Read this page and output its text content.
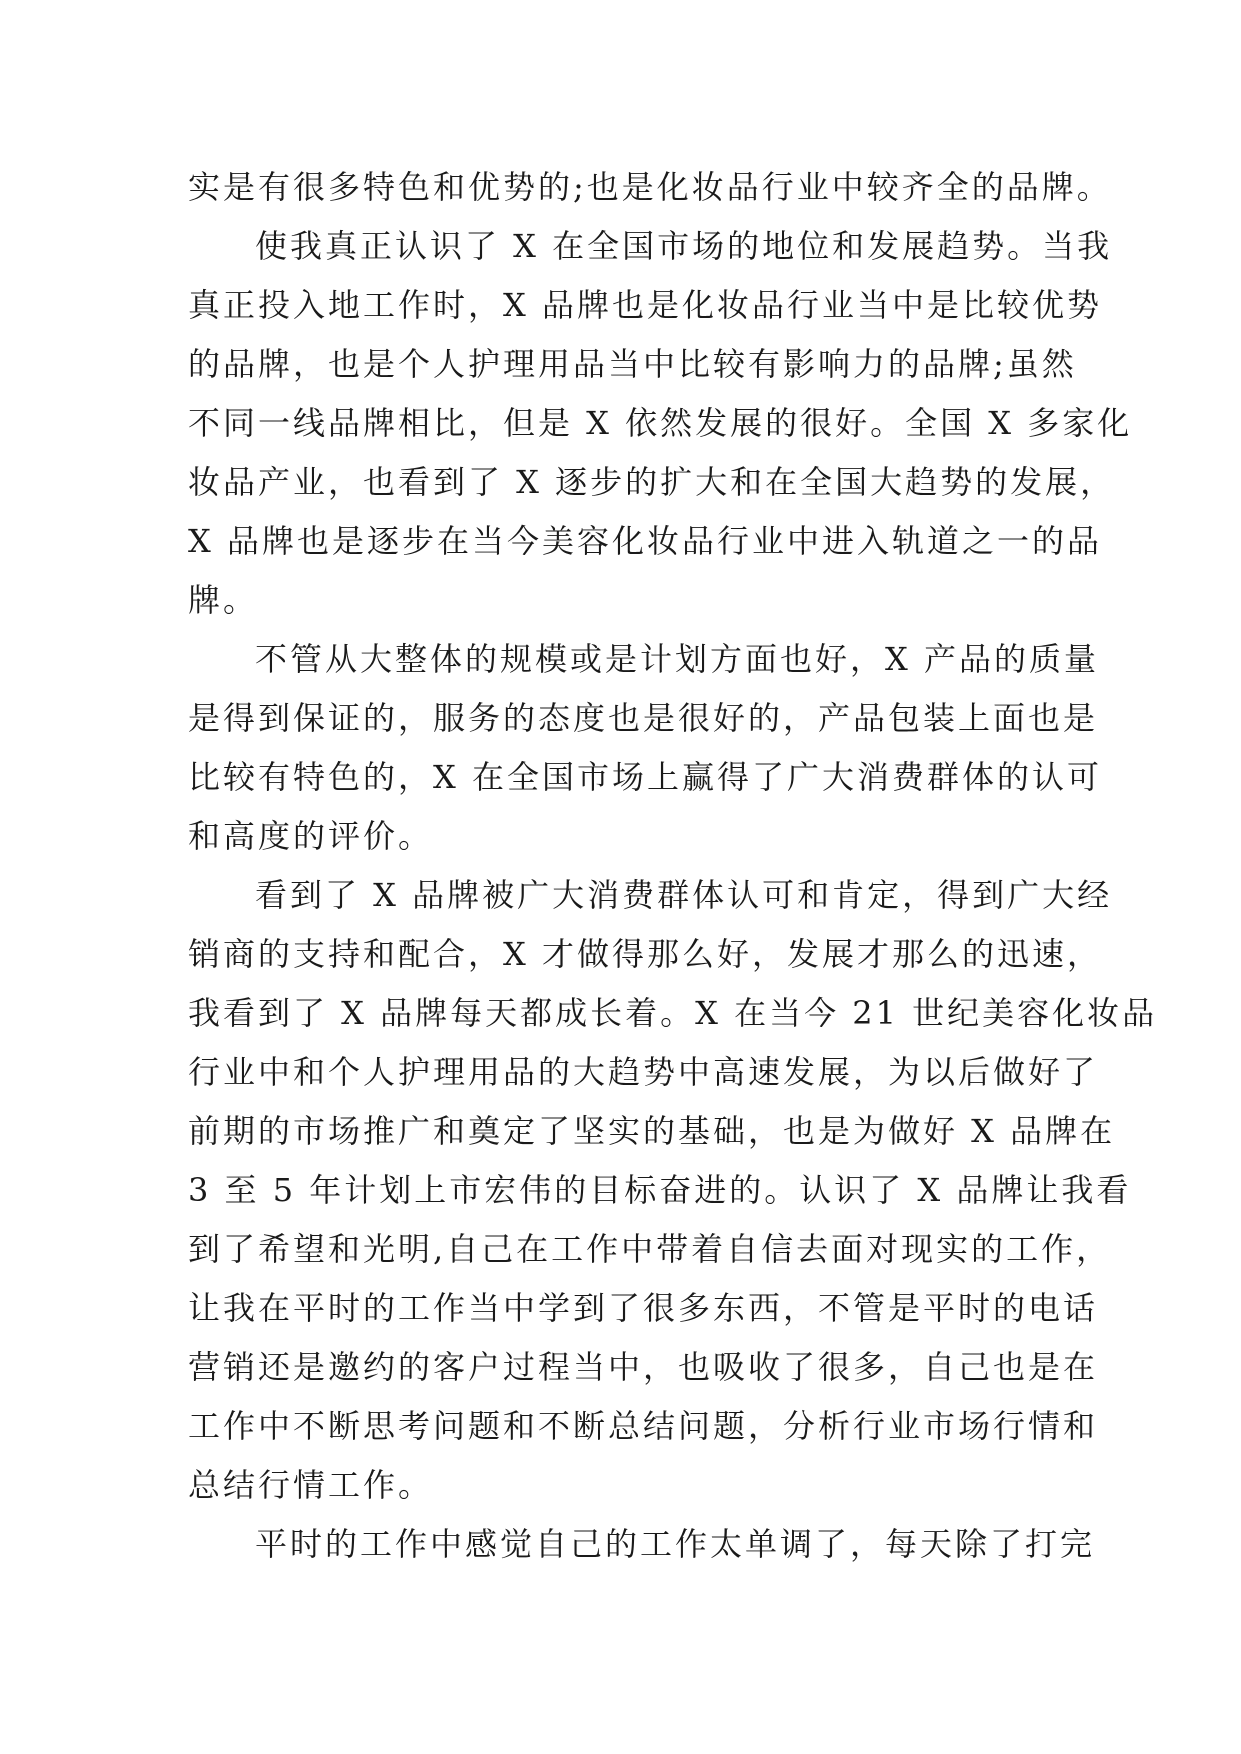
实是有很多特色和优势的;也是化妆品行业中较齐全的品牌。
使我真正认识了 X 在全国市场的地位和发展趋势。当我
真正投入地工作时，X 品牌也是化妆品行业当中是比较优势
的品牌，也是个人护理用品当中比较有影响力的品牌;虽然
不同一线品牌相比，但是 X 依然发展的很好。全国 X 多家化
妆品产业，也看到了 X 逐步的扩大和在全国大趋势的发展，
X 品牌也是逐步在当今美容化妆品行业中进入轨道之一的品
牌。
不管从大整体的规模或是计划方面也好，X 产品的质量
是得到保证的，服务的态度也是很好的，产品包装上面也是
比较有特色的，X 在全国市场上赢得了广大消费群体的认可
和高度的评价。
看到了 X 品牌被广大消费群体认可和肯定，得到广大经
销商的支持和配合，X 才做得那么好，发展才那么的迅速，
我看到了 X 品牌每天都成长着。X 在当今 21 世纪美容化妆品
行业中和个人护理用品的大趋势中高速发展，为以后做好了
前期的市场推广和奠定了坚实的基础，也是为做好 X 品牌在
3 至 5 年计划上市宏伟的目标奋进的。认识了 X 品牌让我看
到了希望和光明,自己在工作中带着自信去面对现实的工作，
让我在平时的工作当中学到了很多东西，不管是平时的电话
营销还是邀约的客户过程当中，也吸收了很多，自己也是在
工作中不断思考问题和不断总结问题，分析行业市场行情和
总结行情工作。
平时的工作中感觉自己的工作太单调了，每天除了打完
